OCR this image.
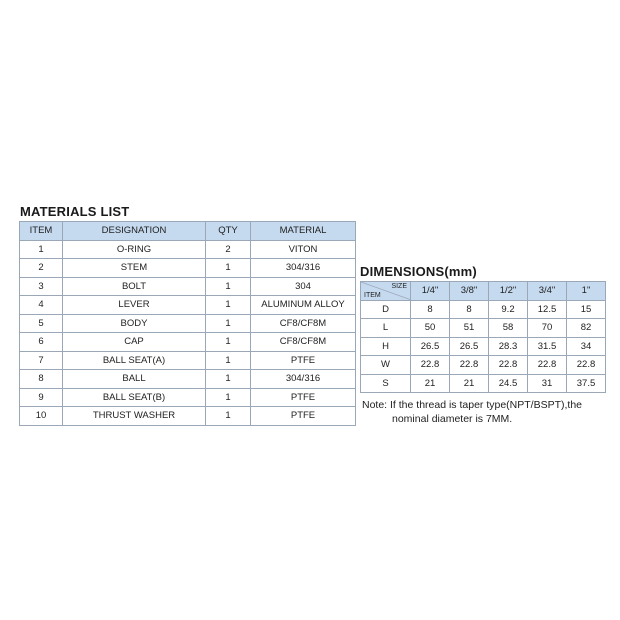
MATERIALS LIST
ITEM	DESIGNATION	QTY	MATERIAL
1	O-RING	2	VITON
2	STEM	1	304/316
3	BOLT	1	304
4	LEVER	1	ALUMINUM ALLOY
5	BODY	1	CF8/CF8M
6	CAP	1	CF8/CF8M
7	BALL SEAT(A)	1	PTFE
8	BALL	1	304/316
9	BALL SEAT(B)	1	PTFE
10	THRUST WASHER	1	PTFE
DIMENSIONS(mm)
SIZE
ITEM	1/4"	3/8"	1/2"	3/4"	1"
D	8	8	9.2	12.5	15
L	50	51	58	70	82
H	26.5	26.5	28.3	31.5	34
W	22.8	22.8	22.8	22.8	22.8
S	21	21	24.5	31	37.5
Note: If the thread is taper type(NPT/BSPT),the
nominal diameter is 7MM.
